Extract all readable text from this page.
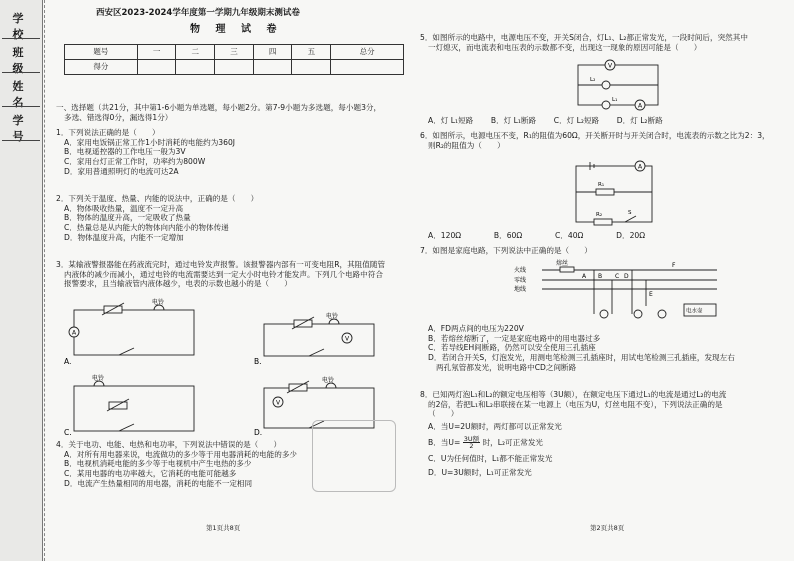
学 校
班 级
姓 名
学 号
西安区2023-2024学年度第一学期九年级期末测试卷
物 理 试 卷
题号	一	二	三	四	五	总分
得分						
一、选择题（共21分，其中第1-6小题为单选题，每小题2分。第7-9小题为多选题，每小题3分，
多选、错选得0分，漏选得1分）
1．下列说法正确的是（　　）
A．家用电饭锅正常工作1小时消耗的电能约为360J
B．电视遥控器的工作电压一般为3V
C．家用台灯正常工作时，功率约为800W
D．家用普通照明灯的电流可达2A
2．下列关于温度、热量、内能的说法中，正确的是（　　）
A．物体吸收热量，温度不一定升高
B．物体的温度升高，一定吸收了热量
C．热量总是从内能大的物体向内能小的物体传递
D．物体温度升高，内能不一定增加
3．某输液警报器能在药液流完时，通过电铃发声报警。该报警器内部有一可变电阻R，其阻值随管
内液体的减少而减小，通过电铃的电流需要达到一定大小时电铃才能发声。下列几个电路中符合
报警要求，且当输液管内液体越少，电表的示数也越小的是（　　）
A
V
V
电铃
电铃
电铃	电铃
A.	B.
C.	D.
4．关于电功、电能、电热和电功率，下列说法中错误的是（　　）
A．对所有用电器来说，电流做功的多少等于用电器消耗的电能的多少
B．电视机消耗电能的多少等于电视机中产生电热的多少
C．某用电器的电功率越大，它消耗的电能可能越多
D．电流产生热量相同的用电器，消耗的电能不一定相同
第1页共8页
5．如图所示的电路中，电源电压不变，开关S闭合，灯L₁、L₂都正常发光，一段时间后，突然其中
一灯熄灭，而电流表和电压表的示数都不变，出现这一现象的原因可能是（　　）
V
A
L₂
L₁
A．灯 L₁短路   B．灯 L₁断路   C．灯 L₂短路   D．灯 L₂断路
6．如图所示，电源电压不变，R₁的阻值为60Ω，开关断开时与开关闭合时，电流表的示数之比为2：3，
则R₂的阻值为（　　）
A
R₁
R₂	S
A．120Ω    	B．60Ω    	C．40Ω    	D．20Ω
7．如图是家庭电路，下列说法中正确的是（　　）
火线
零线
地线
熔丝
A B C D
E
F
电水壶
A．FD两点间的电压为220V
B．若熔丝熔断了，一定是家庭电路中的用电器过多
C．若导线EH间断路，仍然可以安全使用三孔插座
D．若闭合开关S，灯泡发光，用测电笔检测三孔插座时，用试电笔检测三孔插座，发现左右
两孔氖管都发光，说明电路中CD之间断路
8．已知两灯泡L₁和L₂的额定电压相等（3U额），在额定电压下通过L₁的电流是通过L₂的电流
的2倍，若把L₁和L₂串联接在某一电源上（电压为U，灯丝电阻不变），下列说法正确的是
（　　）
A．当U=2U额时，两灯都可以正常发光
B．当$U= \frac{\text{3U额}}{2}$ 时，L₂可正常发光
C．U为任何值时，L₁都不能正常发光
D．U=3U额时，L₁可正常发光
第2页共8页
